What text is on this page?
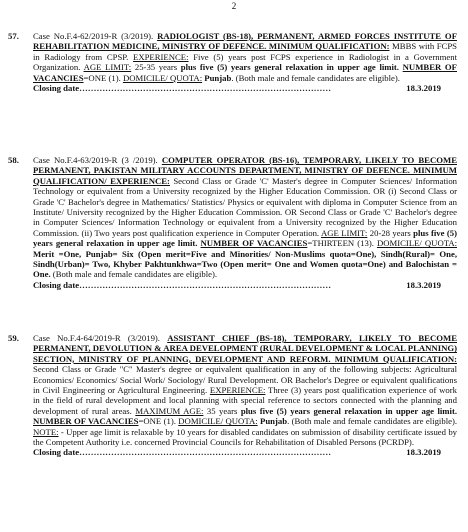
2
57. Case No.F.4-62/2019-R (3/2019). RADIOLOGIST (BS-18), PERMANENT, ARMED FORCES INSTITUTE OF REHABILITATION MEDICINE, MINISTRY OF DEFENCE. MINIMUM QUALIFICATION: MBBS with FCPS in Radiology from CPSP. EXPERIENCE: Five (5) years post FCPS experience in Radiologist in a Government Organization. AGE LIMIT: 25-35 years plus five (5) years general relaxation in upper age limit. NUMBER OF VACANCIES=ONE (1). DOMICILE/ QUOTA: Punjab. (Both male and female candidates are eligible).
Closing date ……………………………………………………………………………	18.3.2019
58. Case No.F.4-63/2019-R (3 /2019). COMPUTER OPERATOR (BS-16), TEMPORARY, LIKELY TO BECOME PERMANENT, PAKISTAN MILITARY ACCOUNTS DEPARTMENT, MINISTRY OF DEFENCE. MINIMUM QUALIFICATION/ EXPERIENCE: Second Class or Grade 'C' Master's degree in Computer Sciences/ Information Technology or equivalent from a University recognized by the Higher Education Commission. OR (i) Second Class or Grade 'C' Bachelor's degree in Mathematics/ Statistics/ Physics or equivalent with diploma in Computer Science from an Institute/ University recognized by the Higher Education Commission. OR Second Class or Grade 'C' Bachelor's degree in Computer Sciences/ Information Technology or equivalent from a University recognized by the Higher Education Commission. (ii) Two years post qualification experience in Computer Operation. AGE LIMIT: 20-28 years plus five (5) years general relaxation in upper age limit. NUMBER OF VACANCIES=THIRTEEN (13). DOMICILE/ QUOTA: Merit =One, Punjab= Six (Open merit=Five and Minorities/ Non-Muslims quota=One), Sindh(Rural)= One, Sindh(Urban)= Two, Khyber Pakhtunkhwa=Two (Open merit= One and Women quota=One) and Balochistan = One. (Both male and female candidates are eligible).
Closing date ……………………………………………………………………………	18.3.2019
59. Case No.F.4-64/2019-R (3/2019). ASSISTANT CHIEF (BS-18), TEMPORARY, LIKELY TO BECOME PERMANENT, DEVOLUTION & AREA DEVELOPMENT (RURAL DEVELOPMENT & LOCAL PLANNING) SECTION, MINISTRY OF PLANNING, DEVELOPMENT AND REFORM. MINIMUM QUALIFICATION: Second Class or Grade "C" Master's degree or equivalent qualification in any of the following subjects: Agricultural Economics/ Economics/ Social Work/ Sociology/ Rural Development. OR Bachelor's Degree or equivalent qualifications in Civil Engineering or Agricultural Engineering. EXPERIENCE: Three (3) years post qualification experience of work in the field of rural development and local planning with special reference to sectors connected with the planning and development of rural areas. MAXIMUM AGE: 35 years plus five (5) years general relaxation in upper age limit. NUMBER OF VACANCIES=ONE (1). DOMICILE/ QUOTA: Punjab. (Both male and female candidates are eligible). NOTE: - Upper age limit is relaxable by 10 years for disabled candidates on submission of disability certificate issued by the Competent Authority i.e. concerned Provincial Councils for Rehabilitation of Disabled Persons (PCRDP).
Closing date ……………………………………………………………………………	18.3.2019
